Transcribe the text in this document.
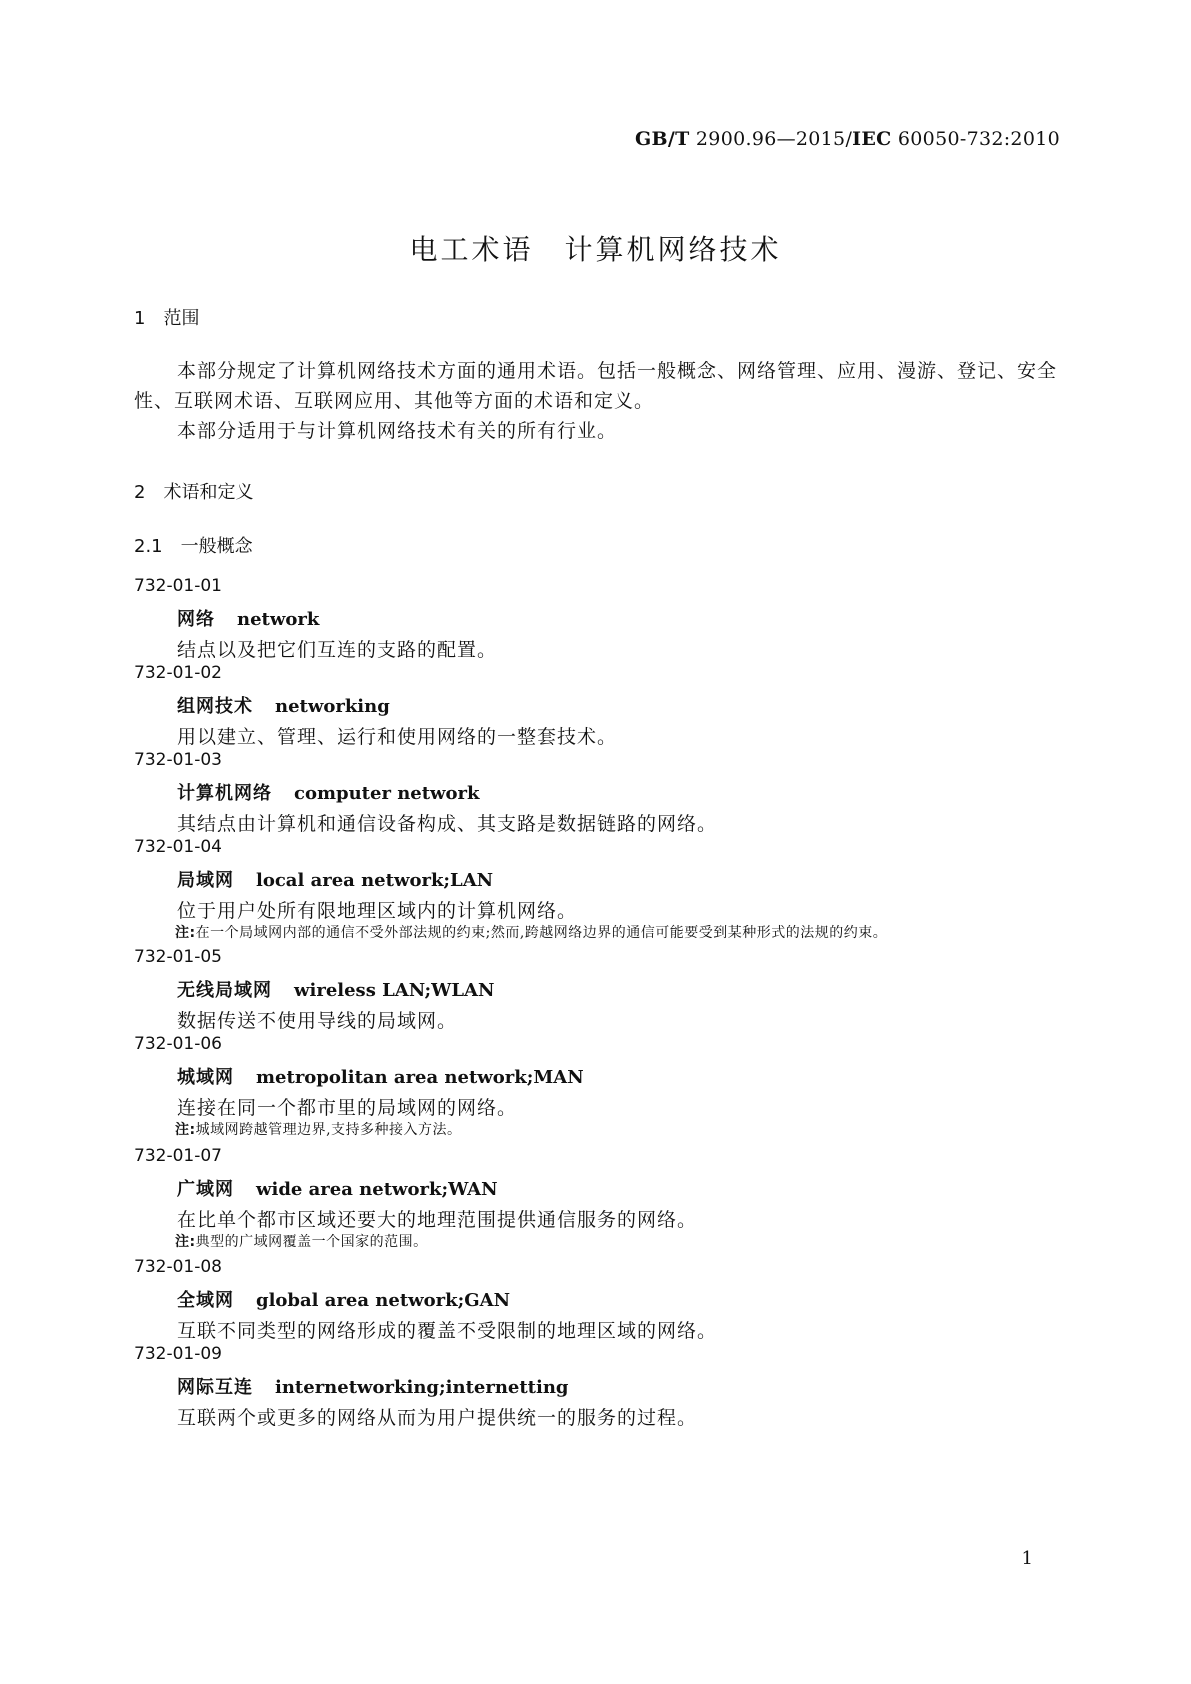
GB/T 2900.96—2015/IEC 60050-732:2010
电工术语　计算机网络技术
1 范围
本部分规定了计算机网络技术方面的通用术语。包括一般概念、网络管理、应用、漫游、登记、安全
性、互联网术语、互联网应用、其他等方面的术语和定义。
本部分适用于与计算机网络技术有关的所有行业。
2 术语和定义
2.1 一般概念
732-01-01
网络 network
结点以及把它们互连的支路的配置。
732-01-02
组网技术 networking
用以建立、管理、运行和使用网络的一整套技术。
732-01-03
计算机网络 computer network
其结点由计算机和通信设备构成、其支路是数据链路的网络。
732-01-04
局域网 local area network;LAN
位于用户处所有限地理区域内的计算机网络。
注:在一个局域网内部的通信不受外部法规的约束;然而,跨越网络边界的通信可能要受到某种形式的法规的约束。
732-01-05
无线局域网 wireless LAN;WLAN
数据传送不使用导线的局域网。
732-01-06
城域网 metropolitan area network;MAN
连接在同一个都市里的局域网的网络。
注:城域网跨越管理边界,支持多种接入方法。
732-01-07
广域网 wide area network;WAN
在比单个都市区域还要大的地理范围提供通信服务的网络。
注:典型的广域网覆盖一个国家的范围。
732-01-08
全域网 global area network;GAN
互联不同类型的网络形成的覆盖不受限制的地理区域的网络。
732-01-09
网际互连 internetworking;internetting
互联两个或更多的网络从而为用户提供统一的服务的过程。
1
